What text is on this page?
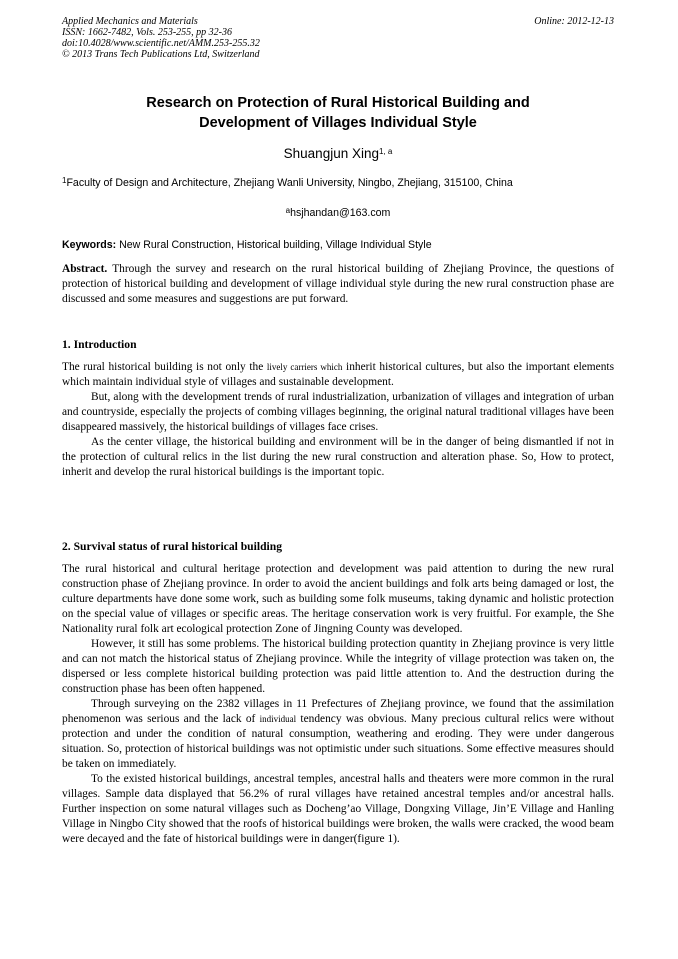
Applied Mechanics and Materials
ISSN: 1662-7482, Vols. 253-255, pp 32-36
doi:10.4028/www.scientific.net/AMM.253-255.32
© 2013 Trans Tech Publications Ltd, Switzerland
Online: 2012-12-13
Research on Protection of Rural Historical Building and
Development of Villages Individual Style
Shuangjun Xing$^{1, a}$
$^1$Faculty of Design and Architecture, Zhejiang Wanli University, Ningbo, Zhejiang, 315100, China
$^a$hsjhandan@163.com
Keywords: New Rural Construction, Historical building, Village Individual Style

Abstract. Through the survey and research on the rural historical building of Zhejiang Province, the questions of protection of historical building and development of village individual style during the new rural construction phase are discussed and some measures and suggestions are put forward.

1. Introduction

The rural historical building is not only the lively carriers which inherit historical cultures, but also the important elements which maintain individual style of villages and sustainable development.

But, along with the development trends of rural industrialization, urbanization of villages and integration of urban and countryside, especially the projects of combing villages beginning, the original natural traditional villages have been disappeared massively, the historical buildings of villages face crises.

As the center village, the historical building and environment will be in the danger of being dismantled if not in the protection of cultural relics in the list during the new rural construction and alteration phase. So, How to protect, inherit and develop the rural historical buildings is the important topic.

2. Survival status of rural historical building

The rural historical and cultural heritage protection and development was paid attention to during the new rural construction phase of Zhejiang province. In order to avoid the ancient buildings and folk arts being damaged or lost, the culture departments have done some work, such as building some folk museums, taking dynamic and holistic protection on the special value of villages or specific areas. The heritage conservation work is very fruitful. For example, the She Nationality rural folk art ecological protection Zone of Jingning County was developed.

However, it still has some problems. The historical building protection quantity in Zhejiang province is very little and can not match the historical status of Zhejiang province. While the integrity of village protection was taken on, the dispersed or less complete historical building protection was paid little attention to. And the destruction during the construction phase has been often happened.

Through surveying on the 2382 villages in 11 Prefectures of Zhejiang province, we found that the assimilation phenomenon was serious and the lack of individual tendency was obvious. Many precious cultural relics were without protection and under the condition of natural consumption, weathering and eroding. They were under dangerous situation. So, protection of historical buildings was not optimistic under such situations. Some effective measures should be taken on immediately.

To the existed historical buildings, ancestral temples, ancestral halls and theaters were more common in the rural villages. Sample data displayed that 56.2% of rural villages have retained ancestral temples and/or ancestral halls. Further inspection on some natural villages such as Docheng’ao Village, Dongxing Village, Jin’E Village and Hanling Village in Ningbo City showed that the roofs of historical buildings were broken, the walls were cracked, the wood beam were decayed and the fate of historical buildings were in danger(figure 1).
